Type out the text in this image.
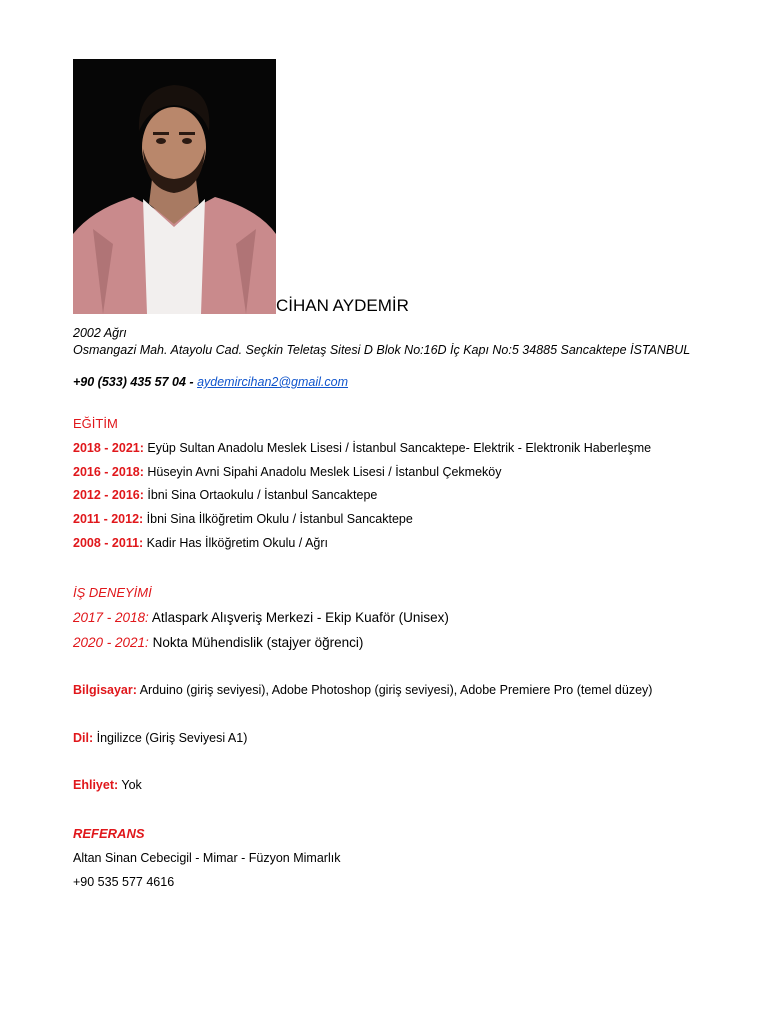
CİHAN AYDEMİR
2002 Ağrı
Osmangazi Mah. Atayolu Cad. Seçkin Teletaş Sitesi D Blok No:16D İç Kapı No:5 34885 Sancaktepe İSTANBUL
+90 (533) 435 57 04 - aydemircihan2@gmail.com
EĞİTİM
2018 - 2021: Eyüp Sultan Anadolu Meslek Lisesi / İstanbul Sancaktepe- Elektrik - Elektronik Haberleşme
2016 - 2018: Hüseyin Avni Sipahi Anadolu Meslek Lisesi / İstanbul Çekmeköy
2012 - 2016: İbni Sina Ortaokulu / İstanbul Sancaktepe
2011 - 2012: İbni Sina İlköğretim Okulu / İstanbul Sancaktepe
2008 - 2011: Kadir Has İlköğretim Okulu / Ağrı
İŞ DENEYİMİ
2017 - 2018: Atlaspark Alışveriş Merkezi - Ekip Kuaför (Unisex)
2020 - 2021: Nokta Mühendislik (stajyer öğrenci)
Bilgisayar: Arduino (giriş seviyesi), Adobe Photoshop (giriş seviyesi), Adobe Premiere Pro (temel düzey)
Dil: İngilizce (Giriş Seviyesi A1)
Ehliyet: Yok
REFERANS
Altan Sinan Cebecigil - Mimar - Füzyon Mimarlık
+90 535 577 4616
